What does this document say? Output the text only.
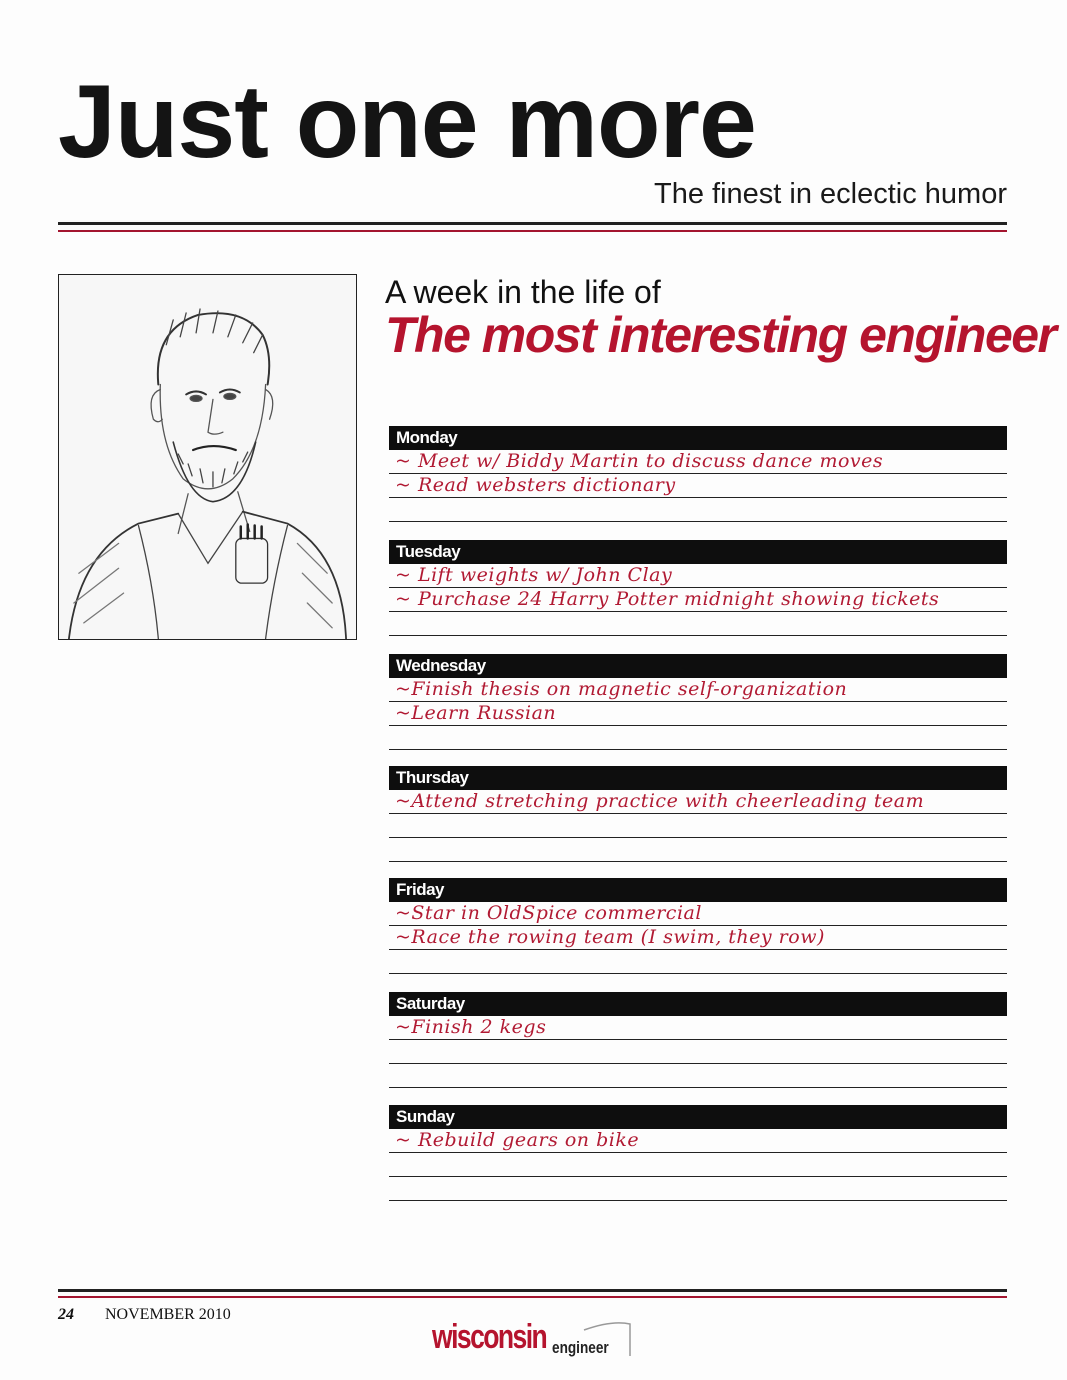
Just one more
The finest in eclectic humor
A week in the life of
The most interesting engineer
Monday
~ Meet w/ Biddy Martin to discuss dance moves
~ Read websters dictionary
Tuesday
~ Lift weights w/ John Clay
~ Purchase 24 Harry Potter midnight showing tickets
Wednesday
~Finish thesis on magnetic self-organization
~Learn Russian
Thursday
~Attend stretching practice with cheerleading team
Friday
~Star in OldSpice commercial
~Race the rowing team (I swim, they row)
Saturday
~Finish 2 kegs
Sunday
~ Rebuild gears on bike
24 NOVEMBER 2010
wisconsin engineer
